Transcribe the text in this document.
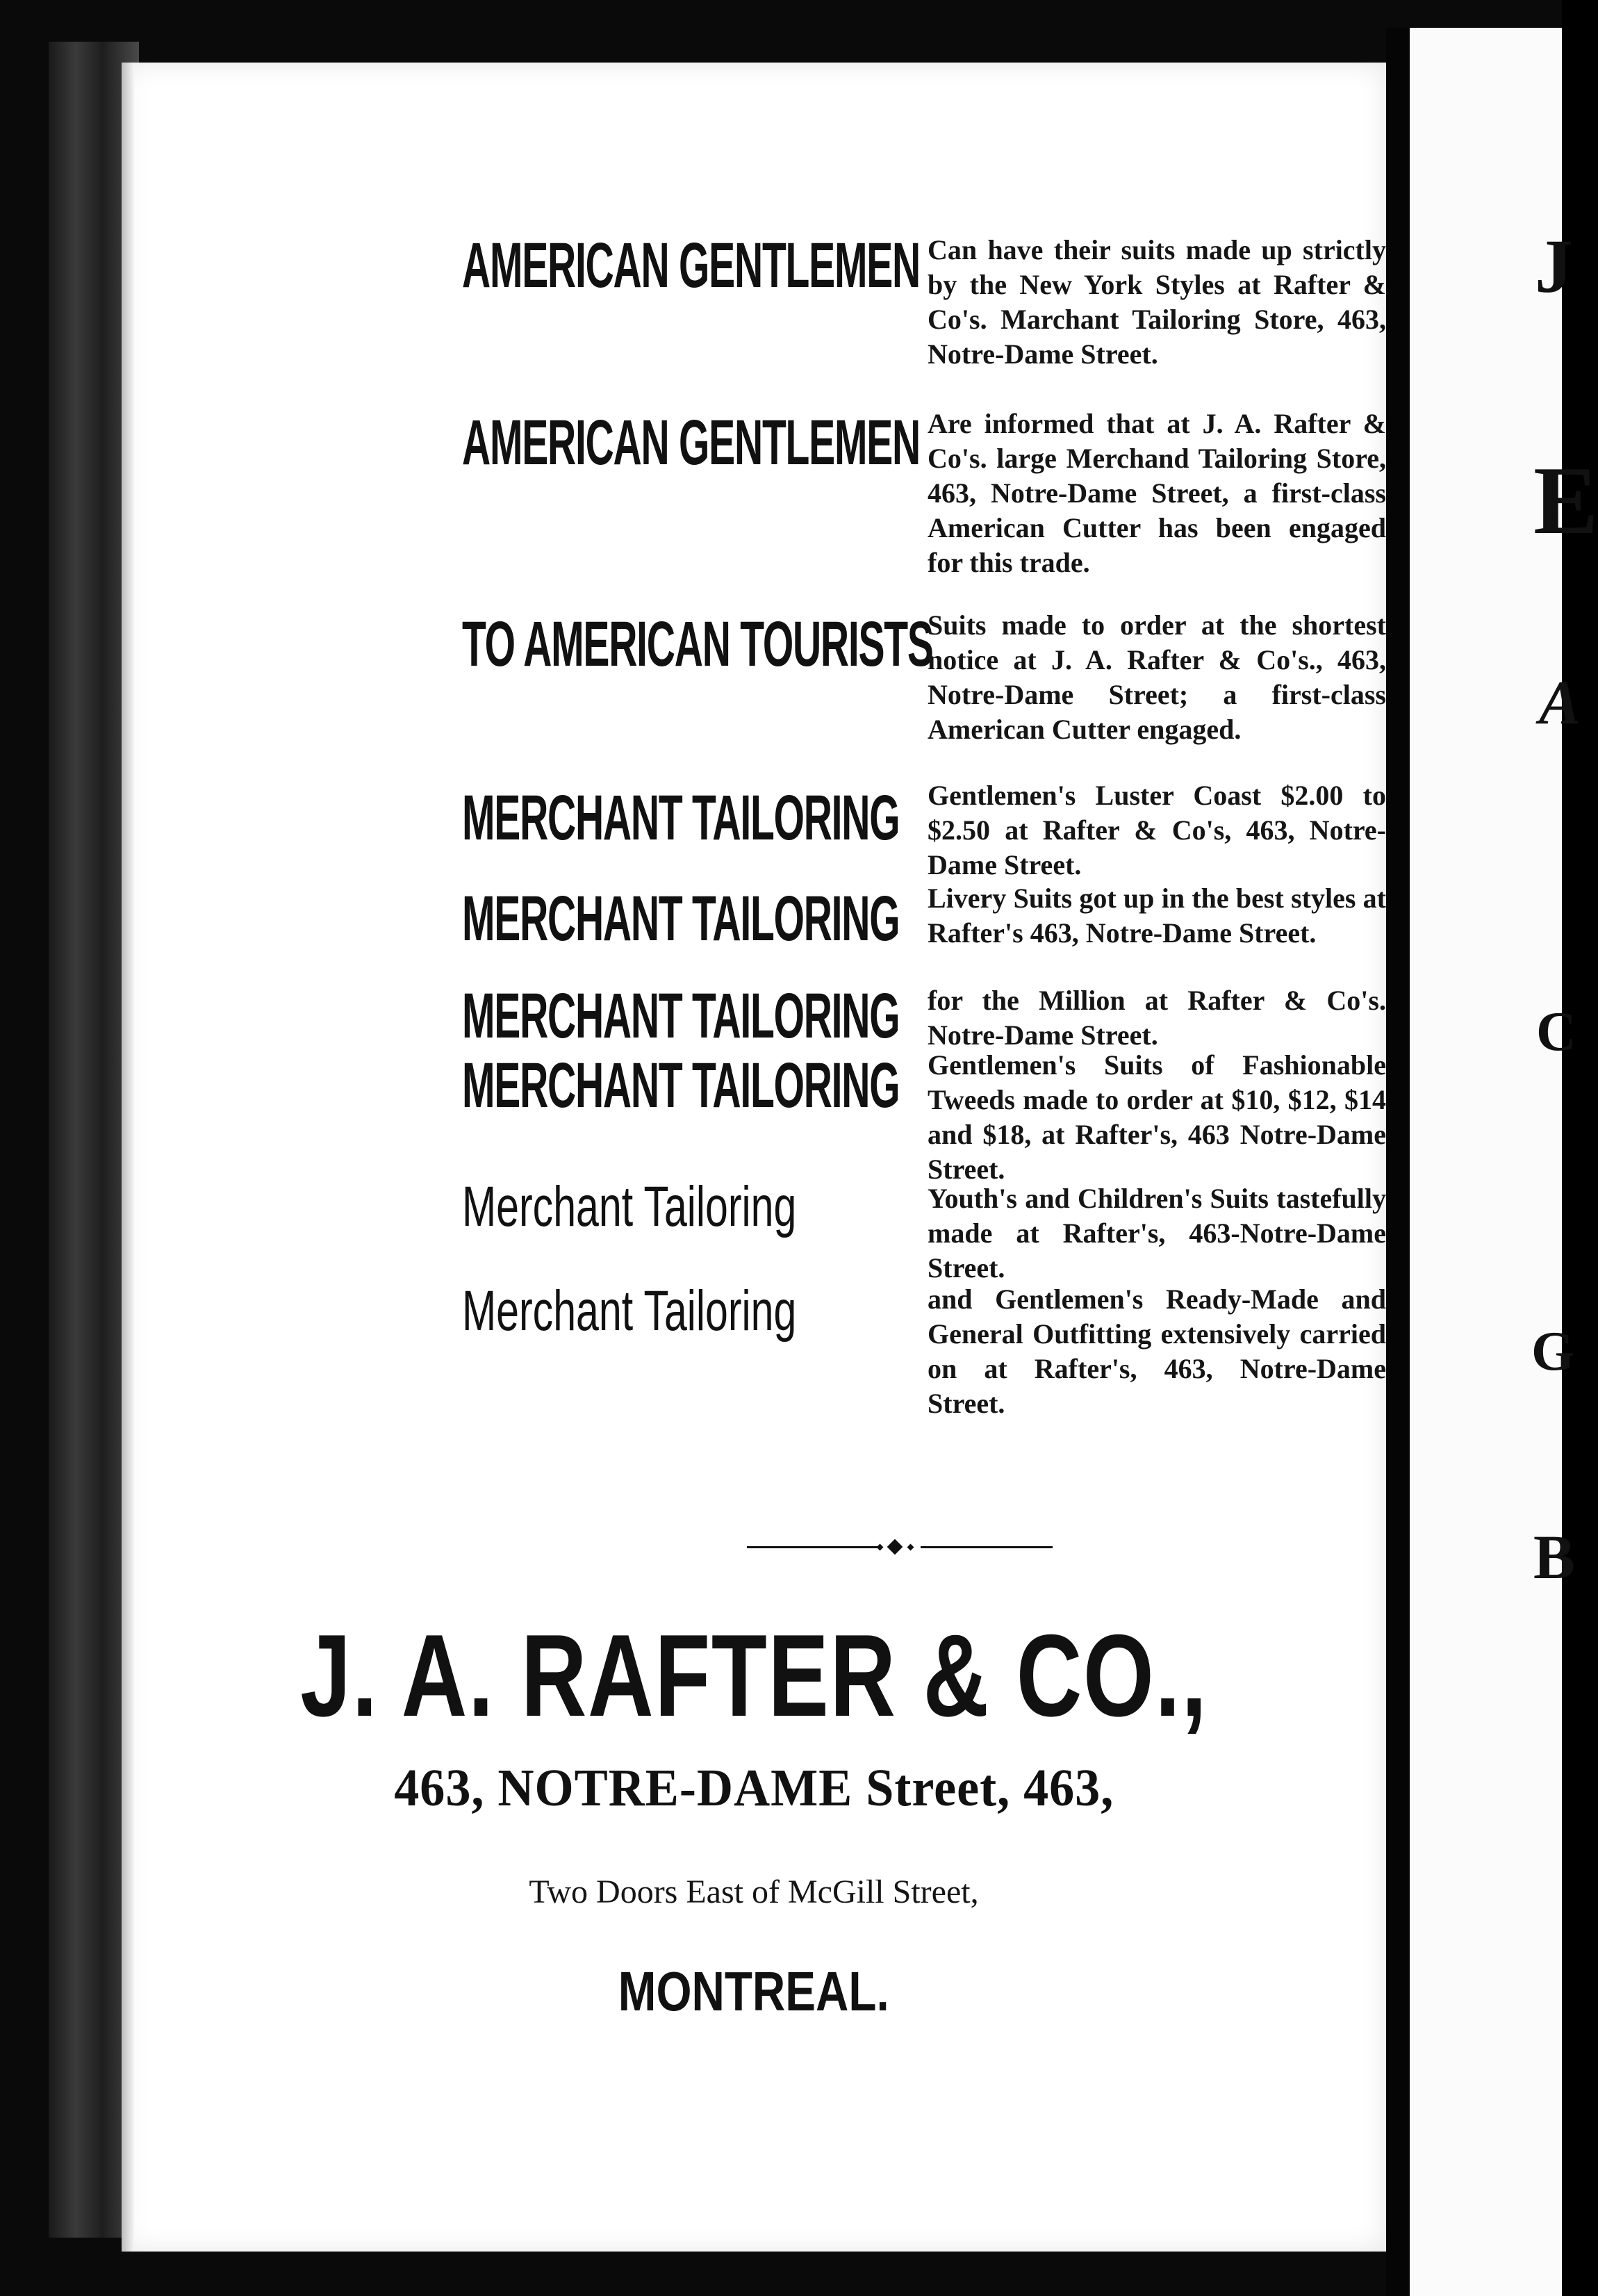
AMERICAN GENTLEMEN Can have their suits made up strictly by the New York Styles at Rafter & Co's. Marchant Tailoring Store, 463, Notre-Dame Street.
AMERICAN GENTLEMEN Are informed that at J. A. Rafter & Co's. large Merchand Tailoring Store, 463, Notre-Dame Street, a first-class American Cutter has been engaged for this trade.
TO AMERICAN TOURISTS
Suits made to order at the shortest notice at J. A. Rafter & Co's., 463, Notre-Dame Street; a first-class American Cutter engaged.
MERCHANT TAILORING Gentlemen's Luster Coast $2.00 to $2.50 at Rafter & Co's, 463, Notre-Dame Street.
MERCHANT TAILORING Livery Suits got up in the best styles at Rafter's 463, Notre-Dame Street.
MERCHANT TAILORING for the Million at Rafter & Co's. Notre-Dame Street.
MERCHANT TAILORING Gentlemen's Suits of Fashionable Tweeds made to order at $10, $12, $14 and $18, at Rafter's, 463 Notre-Dame Street.
Merchant Tailoring	Youth's and Children's Suits tastefully made at Rafter's, 463-Notre-Dame Street.
Merchant Tailoring	and Gentlemen's Ready-Made and General Outfitting extensively carried on at Rafter's, 463, Notre-Dame Street.
J. A. RAFTER & CO.,
463, NOTRE-DAME Street, 463,
Two Doors East of McGill Street,
MONTREAL.
J
E
A
C
G
B
